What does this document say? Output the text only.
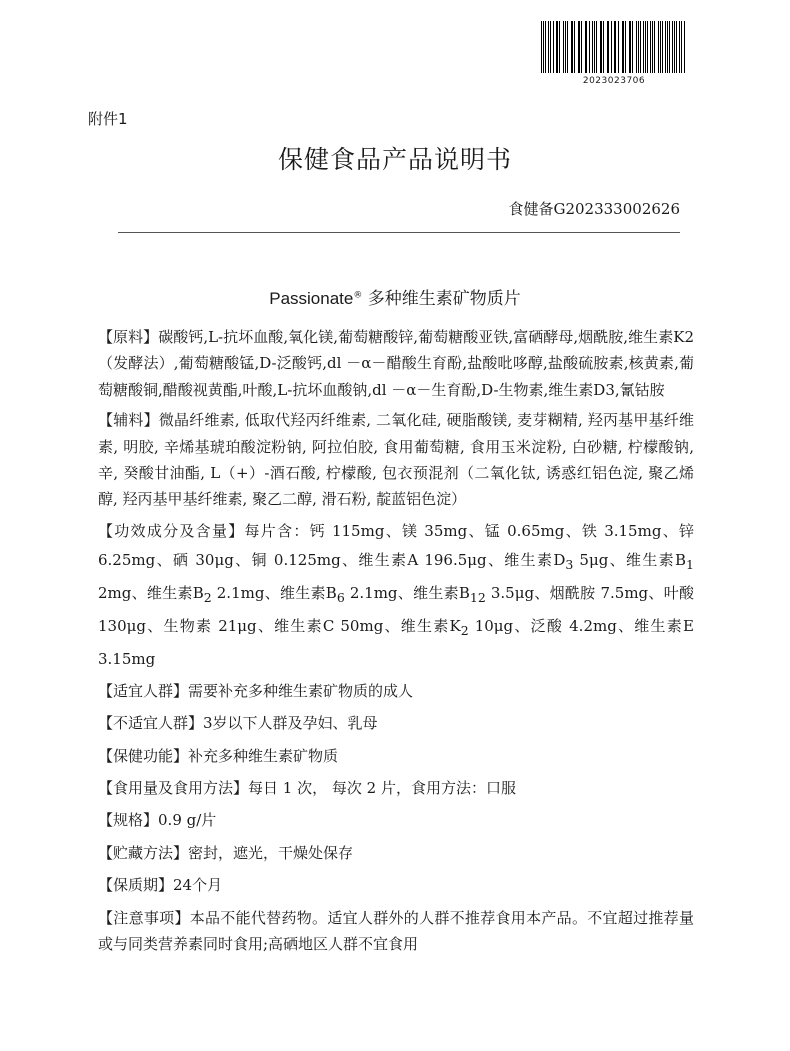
2023023706
附件1
保健食品产品说明书
食健备G202333002626
Passionate® 多种维生素矿物质片
【原料】碳酸钙,L-抗坏血酸,氧化镁,葡萄糖酸锌,葡萄糖酸亚铁,富硒酵母,烟酰胺,维生素K2（发酵法）,葡萄糖酸锰,D-泛酸钙,dl －α－醋酸生育酚,盐酸吡哆醇,盐酸硫胺素,核黄素,葡萄糖酸铜,醋酸视黄酯,叶酸,L-抗坏血酸钠,dl －α－生育酚,D-生物素,维生素D3,氰钴胺
【辅料】微晶纤维素, 低取代羟丙纤维素, 二氧化硅, 硬脂酸镁, 麦芽糊精, 羟丙基甲基纤维素, 明胶, 辛烯基琥珀酸淀粉钠, 阿拉伯胶, 食用葡萄糖, 食用玉米淀粉, 白砂糖, 柠檬酸钠, 辛, 癸酸甘油酯, L（+）-酒石酸, 柠檬酸, 包衣预混剂（二氧化钛, 诱惑红铝色淀, 聚乙烯醇, 羟丙基甲基纤维素, 聚乙二醇, 滑石粉, 靛蓝铝色淀）
【功效成分及含量】每片含：钙 115mg、镁 35mg、锰 0.65mg、铁 3.15mg、锌 6.25mg、硒 30μg、铜 0.125mg、维生素A 196.5μg、维生素$D_3$ 5μg、维生素$B_1$ 2mg、维生素$B_2$ 2.1mg、维生素$B_6$ 2.1mg、维生素$B_{12}$ 3.5μg、烟酰胺 7.5mg、叶酸 130μg、生物素 21μg、维生素C 50mg、维生素$K_2$ 10μg、泛酸 4.2mg、维生素E 3.15mg
【适宜人群】需要补充多种维生素矿物质的成人
【不适宜人群】3岁以下人群及孕妇、乳母
【保健功能】补充多种维生素矿物质
【食用量及食用方法】每日 1 次， 每次 2 片，食用方法：口服
【规格】0.9 g/片
【贮藏方法】密封，遮光，干燥处保存
【保质期】24个月
【注意事项】本品不能代替药物。适宜人群外的人群不推荐食用本产品。不宜超过推荐量或与同类营养素同时食用;高硒地区人群不宜食用
